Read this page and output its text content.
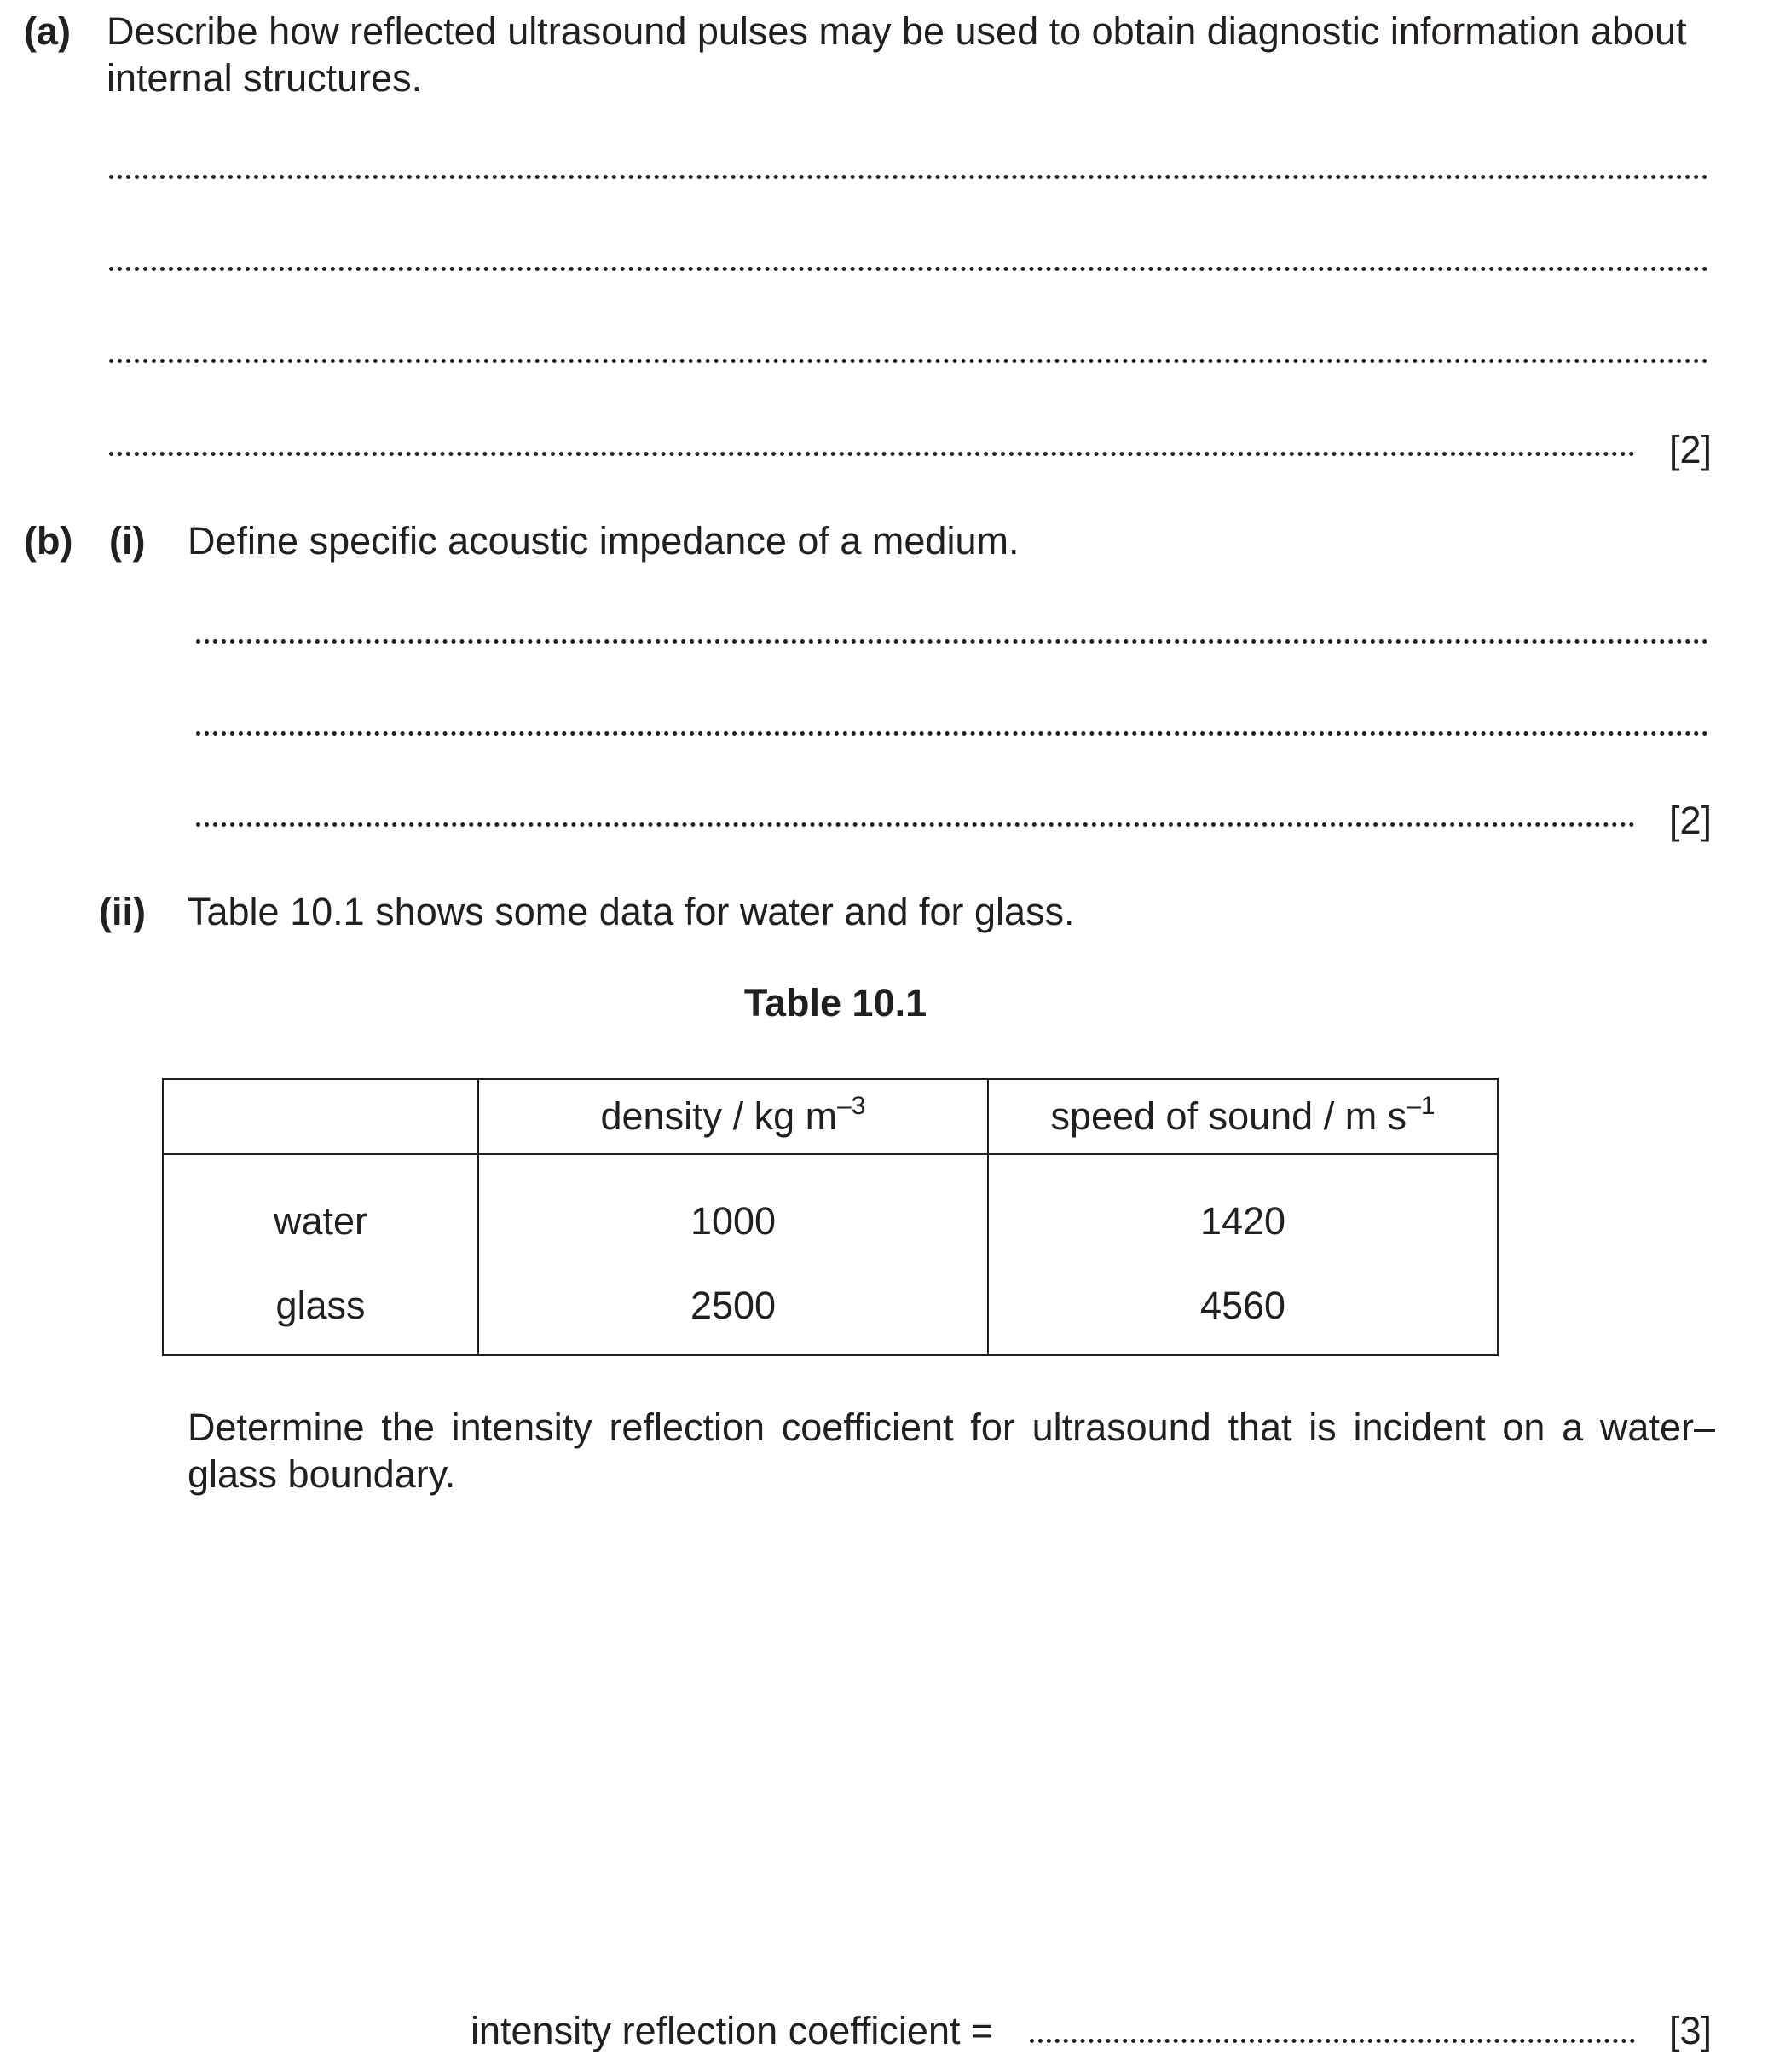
(a) Describe how reflected ultrasound pulses may be used to obtain diagnostic information about internal structures.

[2]
(b) (i) Define specific acoustic impedance of a medium.

[2]
(ii) Table 10.1 shows some data for water and for glass.

Table 10.1
	density / kg $m^{-3}$	speed of sound / m $s^{-1}$
water	1000	1420
glass	2500	4560

Determine the intensity reflection coefficient for ultrasound that is incident on a water–glass boundary.

intensity reflection coefficient =	[3]
